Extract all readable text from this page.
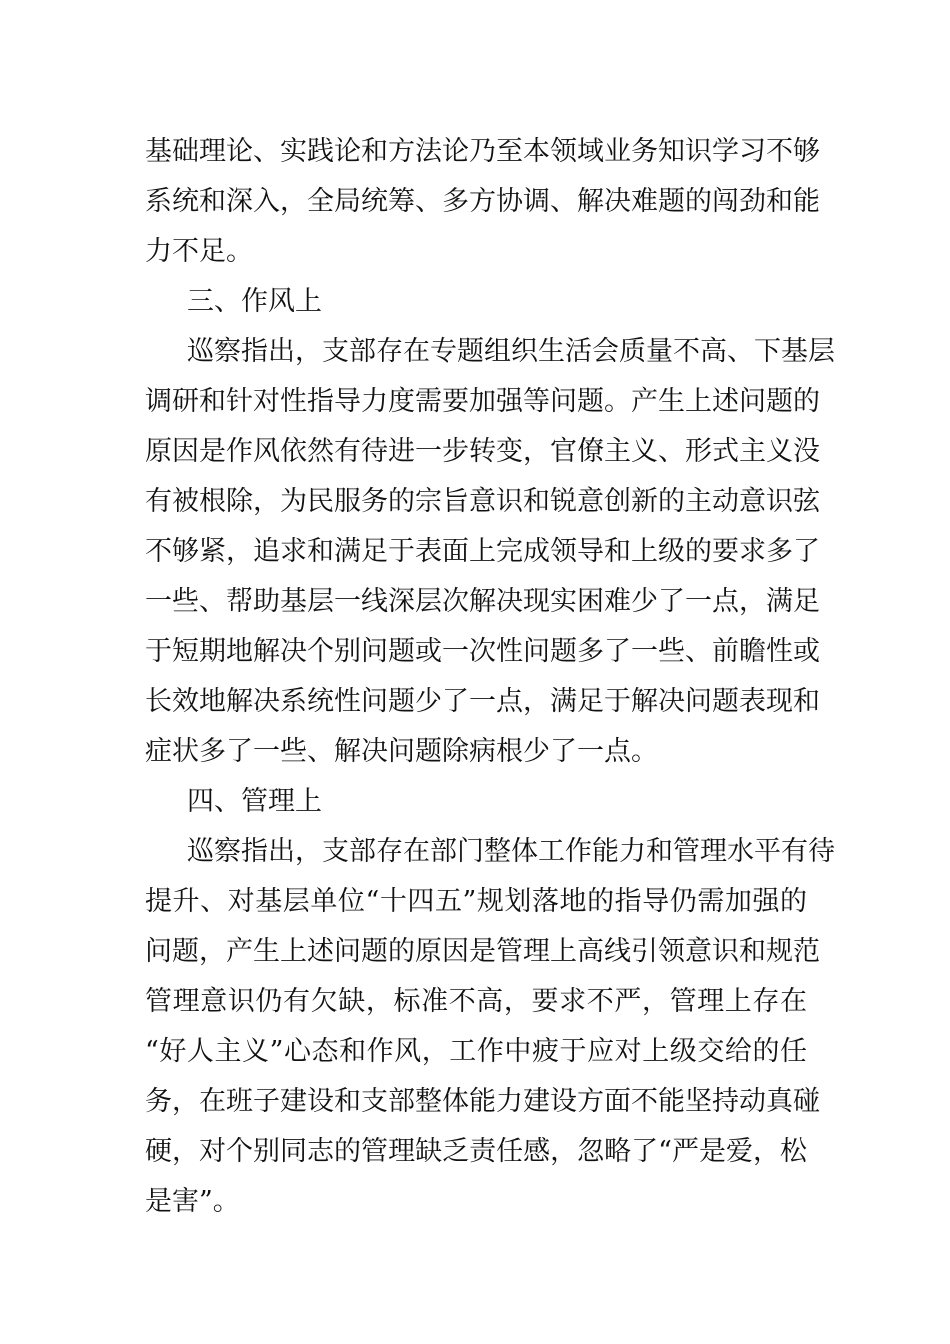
基础理论、实践论和方法论乃至本领域业务知识学习不够
系统和深入，全局统筹、多方协调、解决难题的闯劲和能
力不足。
三、作风上
巡察指出，支部存在专题组织生活会质量不高、下基层
调研和针对性指导力度需要加强等问题。产生上述问题的
原因是作风依然有待进一步转变，官僚主义、形式主义没
有被根除，为民服务的宗旨意识和锐意创新的主动意识弦
不够紧，追求和满足于表面上完成领导和上级的要求多了
一些、帮助基层一线深层次解决现实困难少了一点，满足
于短期地解决个别问题或一次性问题多了一些、前瞻性或
长效地解决系统性问题少了一点，满足于解决问题表现和
症状多了一些、解决问题除病根少了一点。
四、管理上
巡察指出，支部存在部门整体工作能力和管理水平有待
提升、对基层单位“十四五”规划落地的指导仍需加强的
问题，产生上述问题的原因是管理上高线引领意识和规范
管理意识仍有欠缺，标准不高，要求不严，管理上存在
“好人主义”心态和作风，工作中疲于应对上级交给的任
务，在班子建设和支部整体能力建设方面不能坚持动真碰
硬，对个别同志的管理缺乏责任感，忽略了“严是爱，松
是害”。
